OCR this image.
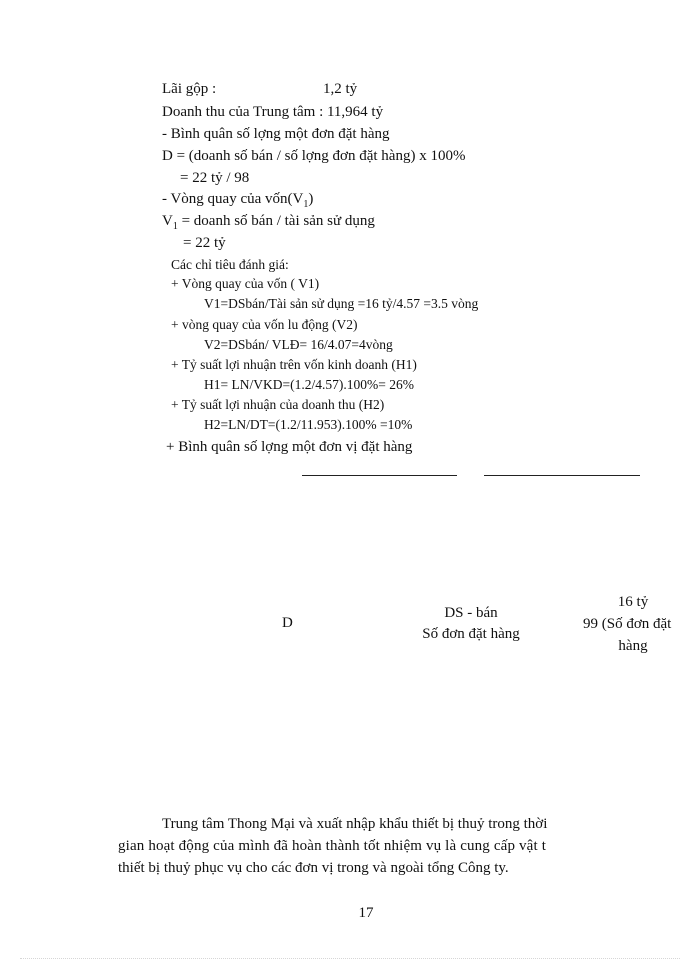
Lãi gộp :	1,2 tỷ
Doanh thu của Trung tâm : 11,964 tỷ
- Bình quân số lợng một đơn đặt hàng
D = (doanh số bán / số lợng đơn đặt hàng) x 100%
= 22 tỷ / 98
- Vòng quay của $vốn(V_1)$
$V_1$ = doanh số bán / tài sản sử dụng
= 22 tỷ
Các chỉ tiêu đánh giá:
+ Vòng quay của vốn ( V1)
V1=DSbán/Tài sản sử dụng =16 tỷ/4.57 =3.5 vòng
+ vòng quay của vốn lu động (V2)
V2=DSbán/ VLĐ= 16/4.07=4vòng
+ Tỷ suất lợi nhuận trên vốn kinh doanh (H1)
H1= LN/VKD=(1.2/4.57).100%= 26%
+ Tỷ suất lợi nhuận của doanh thu (H2)
H2=LN/DT=(1.2/11.953).100% =10%
+ Bình quân số lợng một đơn vị đặt hàng
D
DS - bán
Số đơn đặt hàng
16 tỷ
99 (Số đơn đặt
hàng
Trung tâm Thong Mại và xuất nhập khẩu thiết bị thuỷ trong thời
gian hoạt động của mình đã hoàn thành tốt nhiệm vụ là cung cấp vật t
thiết bị thuỷ phục vụ cho các đơn vị trong và ngoài tổng Công ty.
17
